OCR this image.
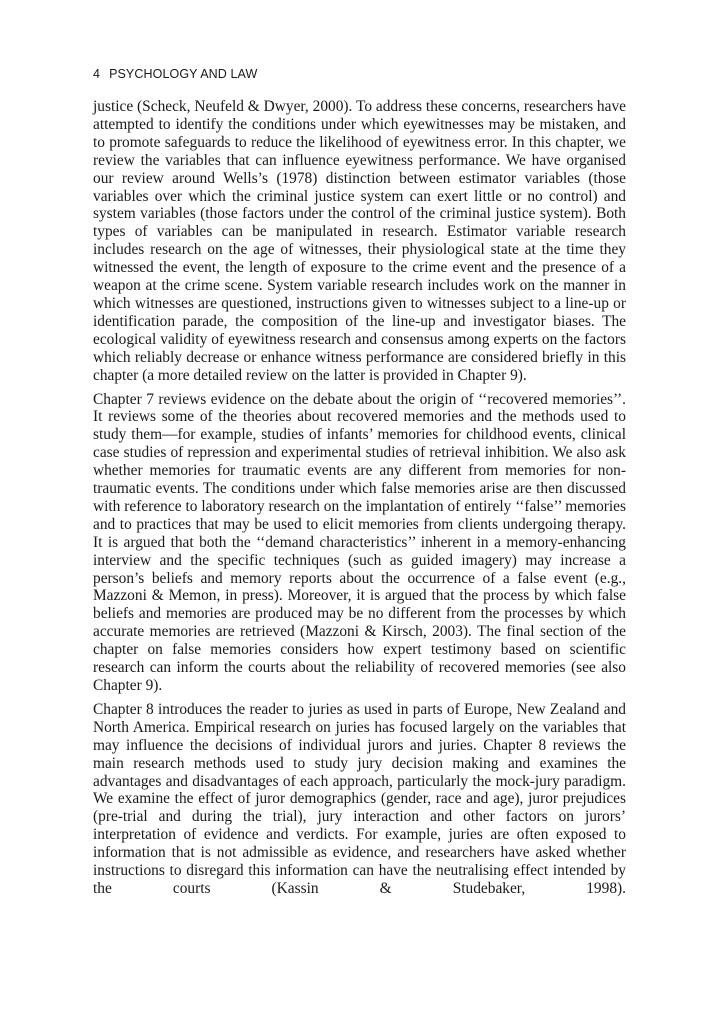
4 PSYCHOLOGY AND LAW

justice (Scheck, Neufeld & Dwyer, 2000). To address these concerns, researchers have attempted to identify the conditions under which eyewitnesses may be mistaken, and to promote safeguards to reduce the likelihood of eyewitness error. In this chapter, we review the variables that can influence eyewitness performance. We have organised our review around Wells’s (1978) distinction between estimator variables (those variables over which the criminal justice system can exert little or no control) and system variables (those factors under the control of the criminal justice system). Both types of variables can be manipulated in research. Estimator variable research includes research on the age of witnesses, their physiological state at the time they witnessed the event, the length of exposure to the crime event and the presence of a weapon at the crime scene. System variable research includes work on the manner in which witnesses are questioned, instructions given to witnesses subject to a line-up or identification parade, the composition of the line-up and investigator biases. The ecological validity of eyewitness research and consensus among experts on the factors which reliably decrease or enhance witness performance are considered briefly in this chapter (a more detailed review on the latter is provided in Chapter 9).

Chapter 7 reviews evidence on the debate about the origin of ‘‘recovered memories’’. It reviews some of the theories about recovered memories and the methods used to study them—for example, studies of infants’ memories for childhood events, clinical case studies of repression and experimental studies of retrieval inhibition. We also ask whether memories for traumatic events are any different from memories for non-traumatic events. The conditions under which false memories arise are then discussed with reference to laboratory research on the implantation of entirely ‘‘false’’ memories and to practices that may be used to elicit memories from clients undergoing therapy. It is argued that both the ‘‘demand characteristics’’ inherent in a memory-enhancing interview and the specific techniques (such as guided imagery) may increase a person’s beliefs and memory reports about the occurrence of a false event (e.g., Mazzoni & Memon, in press). Moreover, it is argued that the process by which false beliefs and memories are produced may be no different from the processes by which accurate memories are retrieved (Mazzoni & Kirsch, 2003). The final section of the chapter on false memories considers how expert testimony based on scientific research can inform the courts about the reliability of recovered memories (see also Chapter 9).

Chapter 8 introduces the reader to juries as used in parts of Europe, New Zealand and North America. Empirical research on juries has focused largely on the variables that may influence the decisions of individual jurors and juries. Chapter 8 reviews the main research methods used to study jury decision making and examines the advantages and disadvantages of each approach, particularly the mock-jury paradigm. We examine the effect of juror demographics (gender, race and age), juror prejudices (pre-trial and during the trial), jury interaction and other factors on jurors’ interpretation of evidence and verdicts. For example, juries are often exposed to information that is not admissible as evidence, and researchers have asked whether instructions to disregard this information can have the neutralising effect intended by the courts (Kassin & Studebaker, 1998).
